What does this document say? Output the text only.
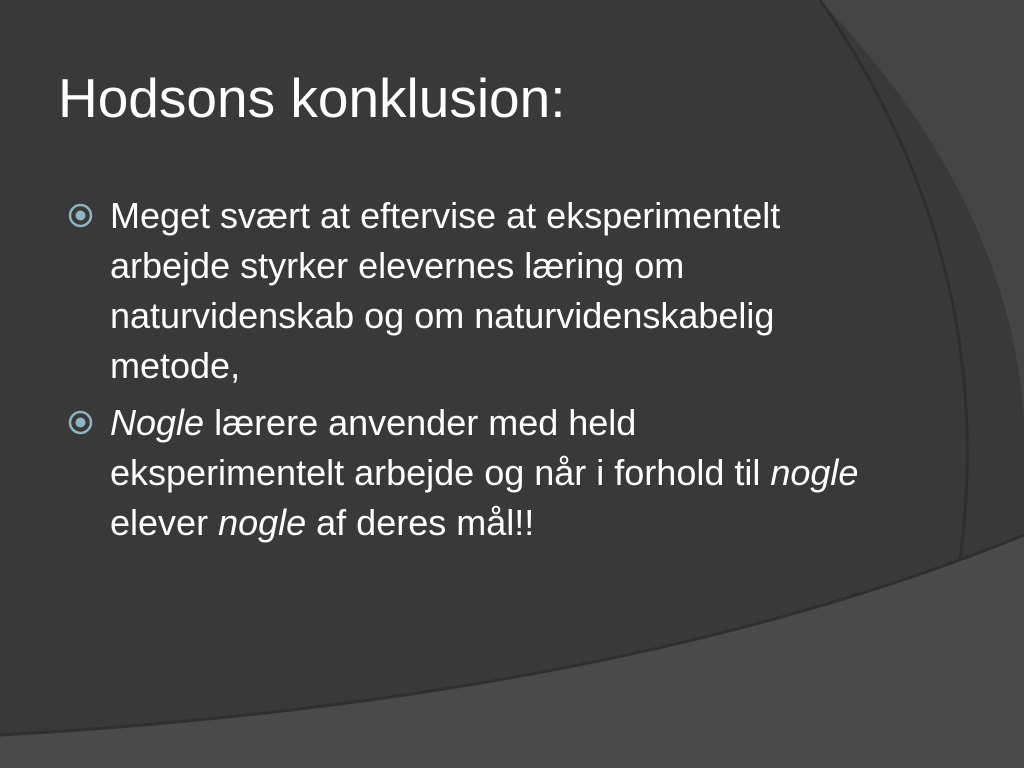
Hodsons konklusion:
Meget svært at eftervise at eksperimentelt arbejde styrker elevernes læring om naturvidenskab og om naturvidenskabelig metode,
Nogle lærere anvender med held eksperimentelt arbejde og når i forhold til nogle elever nogle af deres mål!!
